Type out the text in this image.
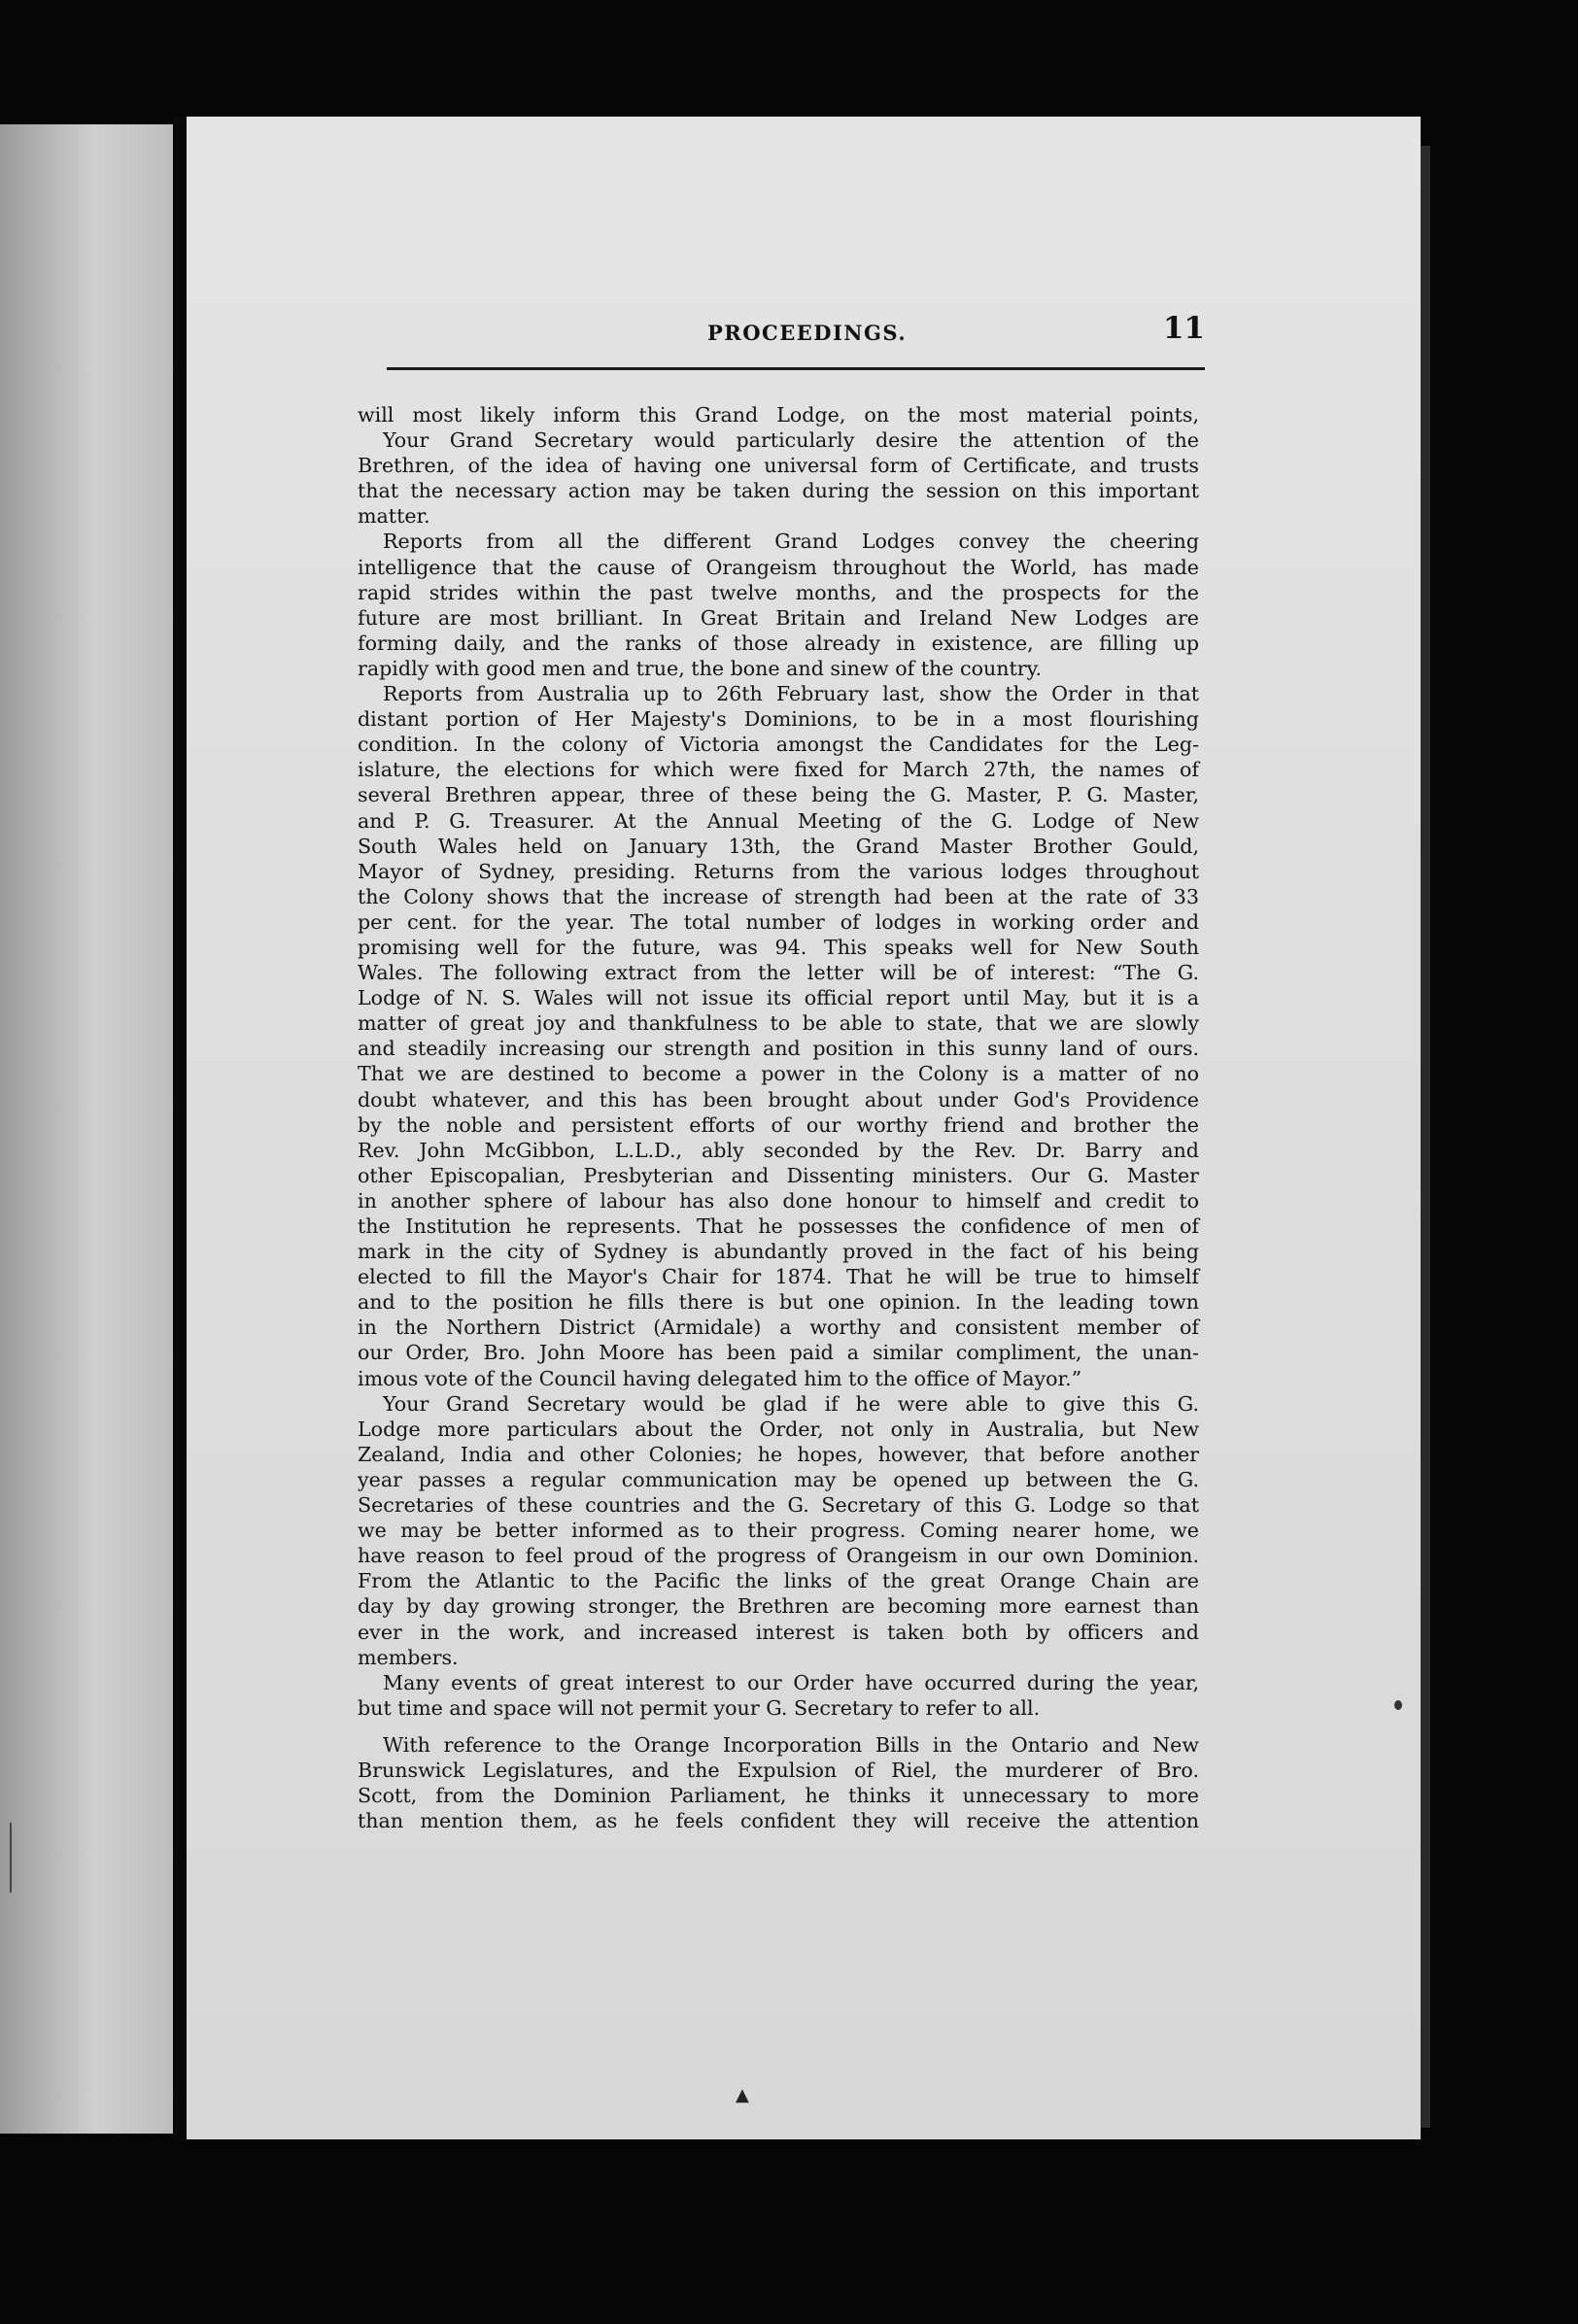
PROCEEDINGS.	11
will most likely inform this Grand Lodge, on the most material points,
Your Grand Secretary would particularly desire the attention of the
Brethren, of the idea of having one universal form of Certificate, and trusts
that the necessary action may be taken during the session on this important
matter.
Reports from all the different Grand Lodges convey the cheering
intelligence that the cause of Orangeism throughout the World, has made
rapid strides within the past twelve months, and the prospects for the
future are most brilliant. In Great Britain and Ireland New Lodges are
forming daily, and the ranks of those already in existence, are filling up
rapidly with good men and true, the bone and sinew of the country.
Reports from Australia up to 26th February last, show the Order in that
distant portion of Her Majesty's Dominions, to be in a most flourishing
condition. In the colony of Victoria amongst the Candidates for the Leg-
islature, the elections for which were fixed for March 27th, the names of
several Brethren appear, three of these being the G. Master, P. G. Master,
and P. G. Treasurer. At the Annual Meeting of the G. Lodge of New
South Wales held on January 13th, the Grand Master Brother Gould,
Mayor of Sydney, presiding. Returns from the various lodges throughout
the Colony shows that the increase of strength had been at the rate of 33
per cent. for the year. The total number of lodges in working order and
promising well for the future, was 94. This speaks well for New South
Wales. The following extract from the letter will be of interest: “The G.
Lodge of N. S. Wales will not issue its official report until May, but it is a
matter of great joy and thankfulness to be able to state, that we are slowly
and steadily increasing our strength and position in this sunny land of ours.
That we are destined to become a power in the Colony is a matter of no
doubt whatever, and this has been brought about under God's Providence
by the noble and persistent efforts of our worthy friend and brother the
Rev. John McGibbon, L.L.D., ably seconded by the Rev. Dr. Barry and
other Episcopalian, Presbyterian and Dissenting ministers. Our G. Master
in another sphere of labour has also done honour to himself and credit to
the Institution he represents. That he possesses the confidence of men of
mark in the city of Sydney is abundantly proved in the fact of his being
elected to fill the Mayor's Chair for 1874. That he will be true to himself
and to the position he fills there is but one opinion. In the leading town
in the Northern District (Armidale) a worthy and consistent member of
our Order, Bro. John Moore has been paid a similar compliment, the unan-
imous vote of the Council having delegated him to the office of Mayor.”
Your Grand Secretary would be glad if he were able to give this G.
Lodge more particulars about the Order, not only in Australia, but New
Zealand, India and other Colonies; he hopes, however, that before another
year passes a regular communication may be opened up between the G.
Secretaries of these countries and the G. Secretary of this G. Lodge so that
we may be better informed as to their progress. Coming nearer home, we
have reason to feel proud of the progress of Orangeism in our own Dominion.
From the Atlantic to the Pacific the links of the great Orange Chain are
day by day growing stronger, the Brethren are becoming more earnest than
ever in the work, and increased interest is taken both by officers and
members.
Many events of great interest to our Order have occurred during the year,
but time and space will not permit your G. Secretary to refer to all.
With reference to the Orange Incorporation Bills in the Ontario and New
Brunswick Legislatures, and the Expulsion of Riel, the murderer of Bro.
Scott, from the Dominion Parliament, he thinks it unnecessary to more
than mention them, as he feels confident they will receive the attention
▲
